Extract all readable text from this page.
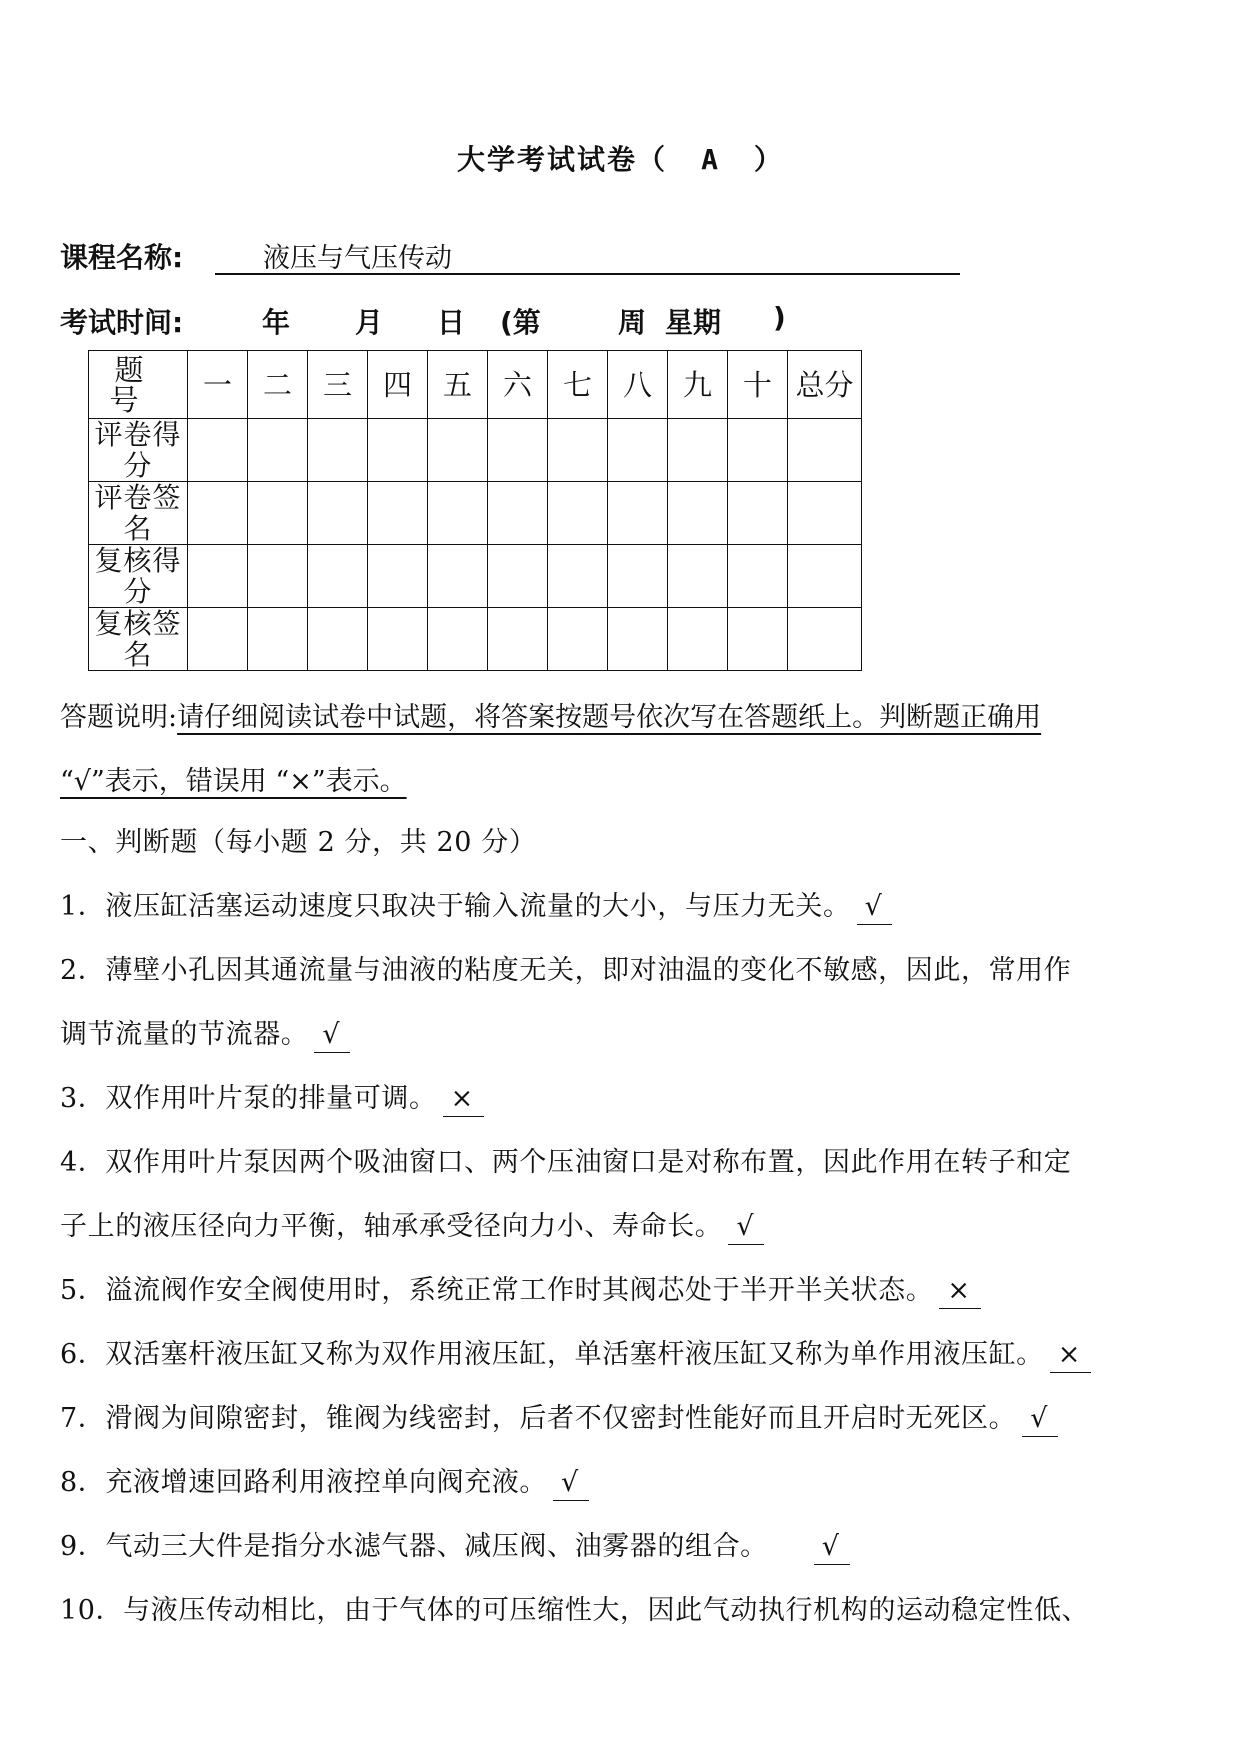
大学考试试卷（ A ）
课程名称:	液压与气压传动
考试时间:	年 月 日 (第	周 星期 )
题号	一	二	三	四	五	六	七	八	九	十	总分

评卷得
分											

评卷签
名											

复核得
分											

复核签
名											

答题说明:请仔细阅读试卷中试题，将答案按题号依次写在答题纸上。判断题正确用
“√”表示，错误用 “×”表示。
一、判断题（每小题 2 分，共 20 分）
1．液压缸活塞运动速度只取决于输入流量的大小，与压力无关。 √
2．薄壁小孔因其通流量与油液的粘度无关，即对油温的变化不敏感，因此，常用作
调节流量的节流器。 √
3．双作用叶片泵的排量可调。 ×
4．双作用叶片泵因两个吸油窗口、两个压油窗口是对称布置，因此作用在转子和定
子上的液压径向力平衡，轴承承受径向力小、寿命长。 √
5．溢流阀作安全阀使用时，系统正常工作时其阀芯处于半开半关状态。 ×
6．双活塞杆液压缸又称为双作用液压缸，单活塞杆液压缸又称为单作用液压缸。 ×
7．滑阀为间隙密封，锥阀为线密封，后者不仅密封性能好而且开启时无死区。 √
8．充液增速回路利用液控单向阀充液。 √
9．气动三大件是指分水滤气器、减压阀、油雾器的组合。 √
10．与液压传动相比，由于气体的可压缩性大，因此气动执行机构的运动稳定性低、
